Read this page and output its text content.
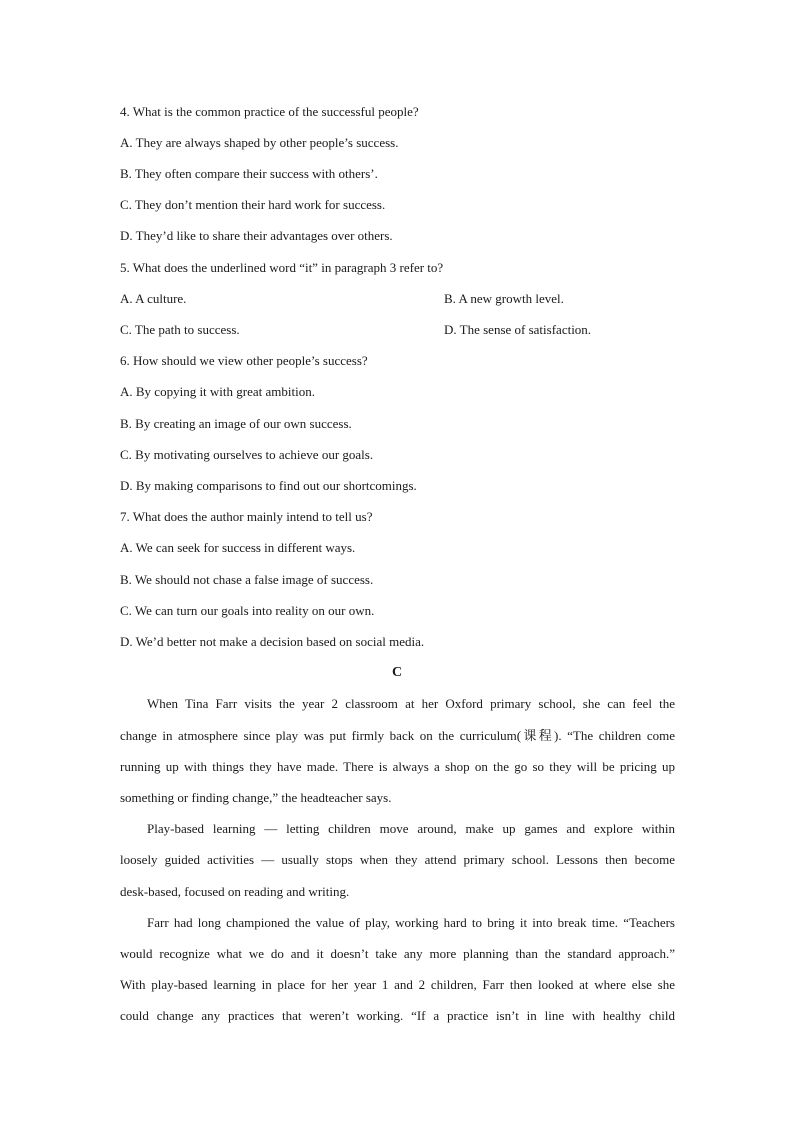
4. What is the common practice of the successful people?
A. They are always shaped by other people’s success.
B. They often compare their success with others’.
C. They don’t mention their hard work for success.
D. They’d like to share their advantages over others.
5. What does the underlined word “it” in paragraph 3 refer to?
A. A culture.	B. A new growth level.
C. The path to success.	D. The sense of satisfaction.
6. How should we view other people’s success?
A. By copying it with great ambition.
B. By creating an image of our own success.
C. By motivating ourselves to achieve our goals.
D. By making comparisons to find out our shortcomings.
7. What does the author mainly intend to tell us?
A. We can seek for success in different ways.
B. We should not chase a false image of success.
C. We can turn our goals into reality on our own.
D. We’d better not make a decision based on social media.
C
When Tina Farr visits the year 2 classroom at her Oxford primary school, she can feel the
change in atmosphere since play was put firmly back on the curriculum(课程). “The children come
running up with things they have made. There is always a shop on the go so they will be pricing up
something or finding change,” the headteacher says.
Play-based learning — letting children move around, make up games and explore within
loosely guided activities — usually stops when they attend primary school. Lessons then become
desk-based, focused on reading and writing.
Farr had long championed the value of play, working hard to bring it into break time. “Teachers
would recognize what we do and it doesn’t take any more planning than the standard approach.”
With play-based learning in place for her year 1 and 2 children, Farr then looked at where else she
could change any practices that weren’t working. “If a practice isn’t in line with healthy child
